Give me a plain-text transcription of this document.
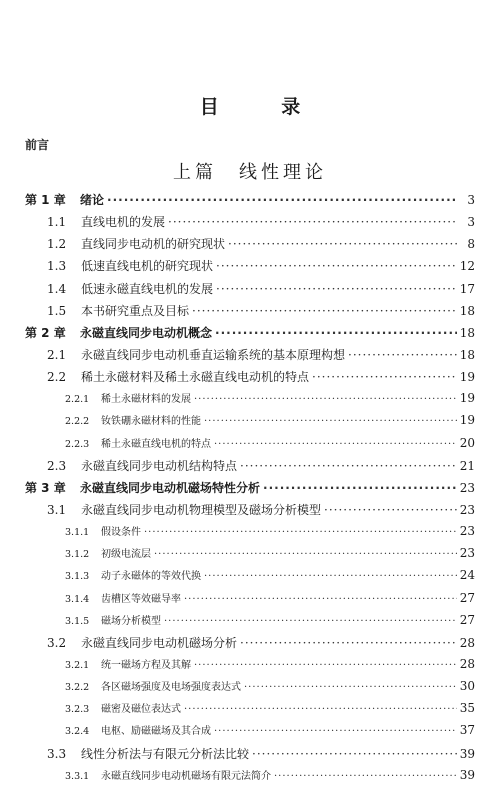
目 录
前言
上篇　线性理论
第 1 章	绪论 ·····	3
1.1	直线电机的发展 ·····	3
1.2	直线同步电动机的研究现状 ·····	8
1.3	低速直线电机的研究现状 ·····	12
1.4	低速永磁直线电机的发展 ·····	17
1.5	本书研究重点及目标 ·····	18
第 2 章	永磁直线同步电动机概念 ·····	18
2.1	永磁直线同步电动机垂直运输系统的基本原理构想 ·····	18
2.2	稀土永磁材料及稀土永磁直线电动机的特点 ·····	19
2.2.1	稀土永磁材料的发展 ·····	19
2.2.2	钕铁硼永磁材料的性能 ·····	19
2.2.3	稀土永磁直线电机的特点 ·····	20
2.3	永磁直线同步电动机结构特点 ·····	21
第 3 章	永磁直线同步电动机磁场特性分析 ·····	23
3.1	永磁直线同步电动机物理模型及磁场分析模型 ·····	23
3.1.1	假设条件 ·····	23
3.1.2	初级电流层 ·····	23
3.1.3	动子永磁体的等效代换 ·····	24
3.1.4	齿槽区等效磁导率 ·····	27
3.1.5	磁场分析模型 ·····	27
3.2	永磁直线同步电动机磁场分析 ·····	28
3.2.1	统一磁场方程及其解 ·····	28
3.2.2	各区磁场强度及电场强度表达式 ·····	30
3.2.3	磁密及磁位表达式 ·····	35
3.2.4	电枢、励磁磁场及其合成 ·····	37
3.3	线性分析法与有限元分析法比较 ·····	39
3.3.1	永磁直线同步电动机磁场有限元法简介 ·····	39
